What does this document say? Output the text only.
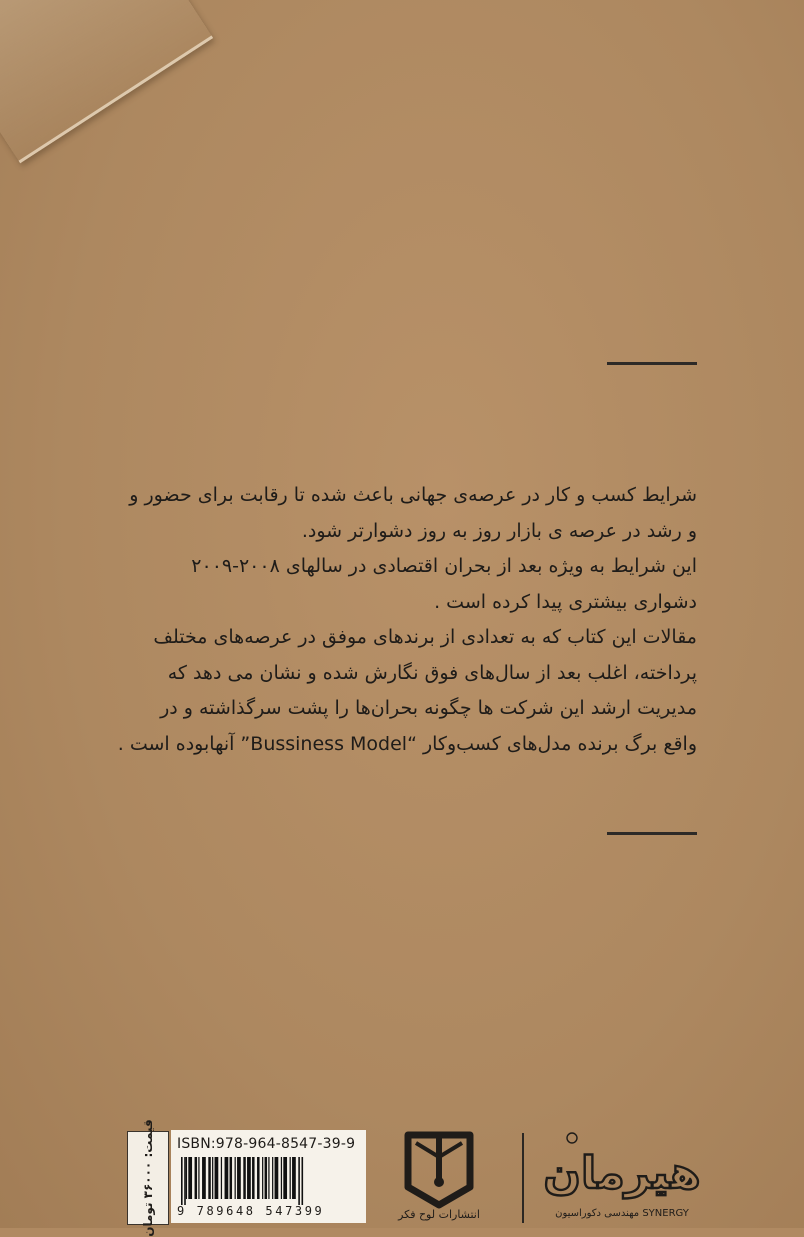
شرایط کسب و کار در عرصه‌ی جهانی باعث شده تا رقابت برای حضور و

و رشد در عرصه ی بازار روز به روز دشوارتر شود.

این شرایط به ویژه بعد از بحران اقتصادی در سالهای ۲۰۰۸-۲۰۰۹

دشواری بیشتری پیدا کرده است .

مقالات این کتاب که به تعدادی از برندهای موفق در عرصه‌های مختلف

پرداخته، اغلب بعد از سال‌های فوق نگارش شده و نشان می دهد که

مدیریت ارشد این شرکت ها چگونه بحران‌ها را پشت سرگذاشته و در

واقع برگ برنده مدل‌های کسب‌وکار “Bussiness Model” آنهابوده است .

قیمت: ۳۶۰۰۰ تومان ISBN:978-964-8547-39-9
9 789648 547399	انتشارات لوح فکر
هیرمان
مهندسی دکوراسیون SYNERGY
